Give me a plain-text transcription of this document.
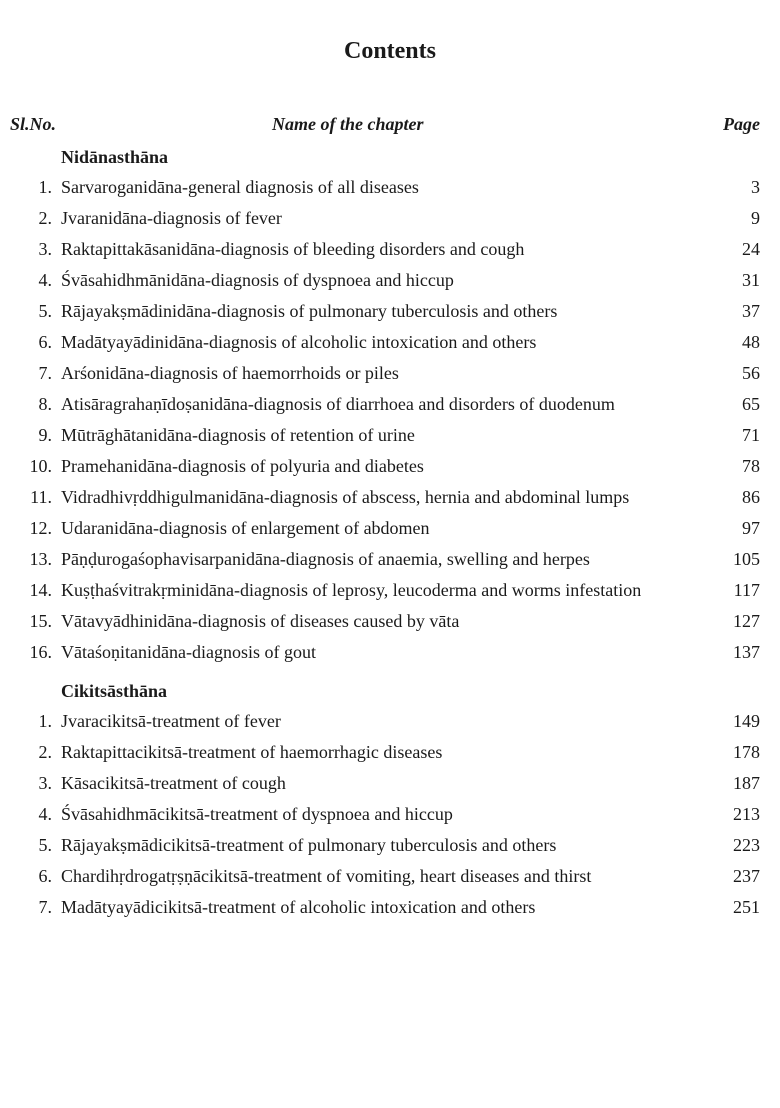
Contents
Sl.No.	Name of the chapter	Page
Nidānasthāna
1. Sarvaroganidāna-general diagnosis of all diseases	3
2. Jvaranidāna-diagnosis of fever	9
3. Raktapittakāsanidāna-diagnosis of bleeding disorders and cough	24
4. Śvāsahidhmānidāna-diagnosis of dyspnoea and hiccup	31
5. Rājayakṣmādinidāna-diagnosis of pulmonary tuberculosis and others	37
6. Madātyayādinidāna-diagnosis of alcoholic intoxication and others	48
7. Arśonidāna-diagnosis of haemorrhoids or piles	56
8. Atisāragrahaṇīdoṣanidāna-diagnosis of diarrhoea and disorders of duodenum	65
9. Mūtrāghātanidāna-diagnosis of retention of urine	71
10. Pramehanidāna-diagnosis of polyuria and diabetes	78
11. Vidradhivṛddhigulmanidāna-diagnosis of abscess, hernia and abdominal lumps	86
12. Udaranidāna-diagnosis of enlargement of abdomen	97
13. Pāṇḍurogaśophavisarpanidāna-diagnosis of anaemia, swelling and herpes	105
14. Kuṣṭhaśvitrakṛminidāna-diagnosis of leprosy, leucoderma and worms infestation	117
15. Vātavyādhinidāna-diagnosis of diseases caused by vāta	127
16. Vātaśoṇitanidāna-diagnosis of gout	137
Cikitsāsthāna
1. Jvaracikitsā-treatment of fever	149
2. Raktapittacikitsā-treatment of haemorrhagic diseases	178
3. Kāsacikitsā-treatment of cough	187
4. Śvāsahidhmācikitsā-treatment of dyspnoea and hiccup	213
5. Rājayakṣmādicikitsā-treatment of pulmonary tuberculosis and others	223
6. Chardihṛdrogatṛṣṇācikitsā-treatment of vomiting, heart diseases and thirst	237
7. Madātyayādicikitsā-treatment of alcoholic intoxication and others	251
